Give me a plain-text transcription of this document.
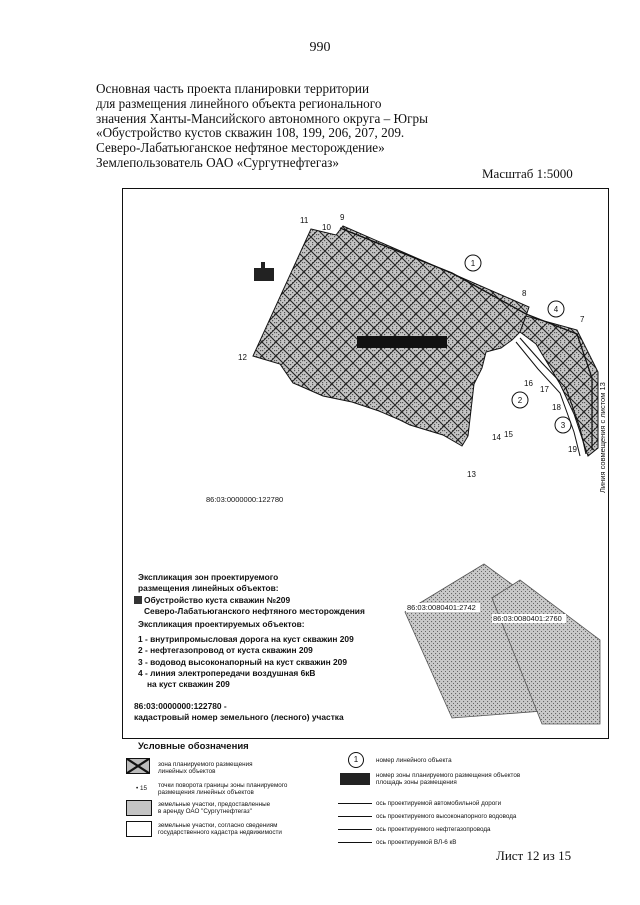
990
Основная часть проекта планировки территории
для размещения линейного объекта регионального
значения Ханты-Мансийского автономного округа – Югры
«Обустройство кустов скважин 108, 199, 206, 207, 209.
Северо-Лабатьюганское нефтяное месторождение»
Землепользователь ОАО «Сургутнефтегаз»
Масштаб 1:5000
11
10
9
8
7
12
16
17
18
14 15
19
13
1
4
2
3
86:03:0000000:122780
Линия совмещения с листом 13
86:03:0080401:2742
86:03:0080401:2760
Экспликация зон проектируемого
размещения линейных объектов:
Обустройство куста скважин №209
Северо-Лабатьюганского нефтяного месторождения
Экспликация проектируемых объектов:
1 - внутрипромысловая дорога на куст скважин 209
2 - нефтегазопровод от куста скважин 209
3 - водовод высоконапорный на куст скважин 209
4 - линия электропередачи воздушная 6кВ
на куст скважин 209
86:03:0000000:122780 -
кадастровый номер земельного (лесного) участка
Условные обозначения
зона планируемого размещения
линейных объектов
• 15 точки поворота границы зоны планируемого
размещения линейных объектов
земельные участки, предоставленные
в аренду ОАО "Сургутнефтегаз"
земельные участки, согласно сведениям
государственного кадастра недвижимости
1	номер линейного объекта
номер зоны планируемого размещения объектов
площадь зоны размещения
ось проектируемой автомобильной дороги
ось проектируемого высоконапорного водовода
ось проектируемого нефтегазопровода
ось проектируемой ВЛ-6 кВ
Лист 12 из 15
